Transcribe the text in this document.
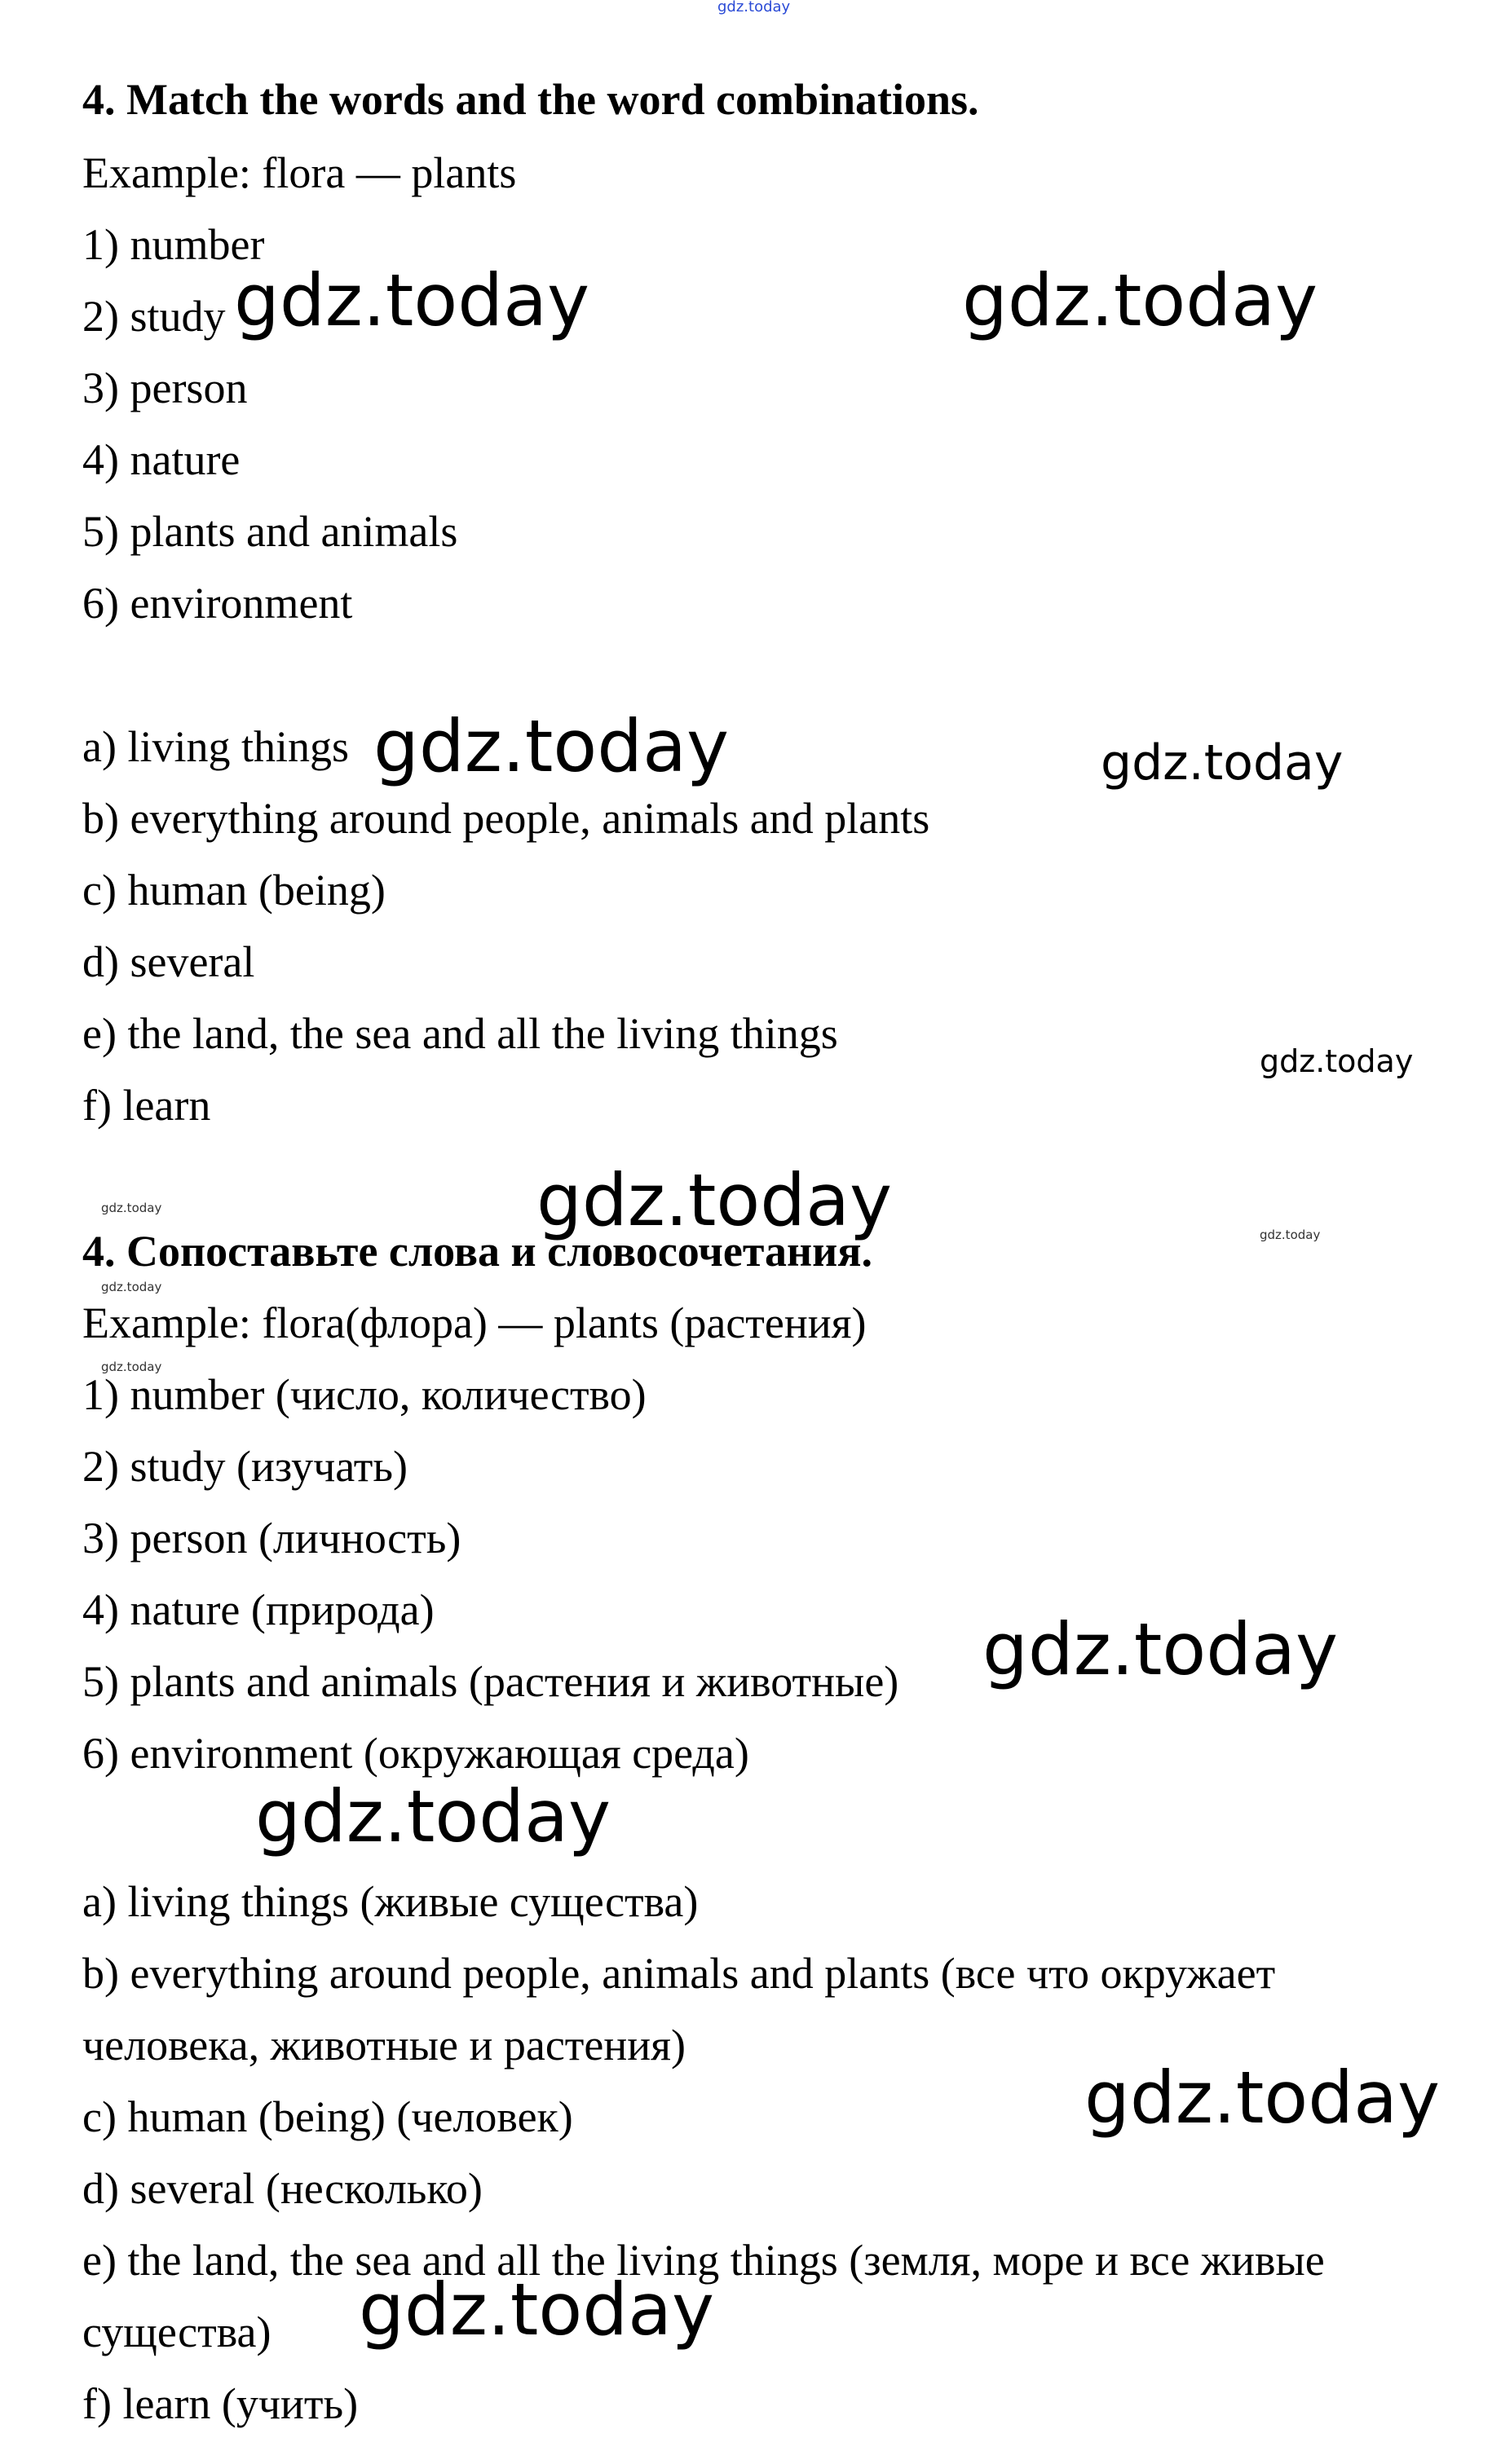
gdz.today
4. Match the words and the word combinations.
Example: flora — plants
1) number
2) study
3) person
4) nature
5) plants and animals
6) environment
a) living things
b) everything around people, animals and plants
c) human (being)
d) several
e) the land, the sea and all the living things
f) learn
4. Сопоставьте слова и словосочетания.
Example: flora(флора) — plants (растения)
1) number (число, количество)
2) study (изучать)
3) person (личность)
4) nature (природа)
5) plants and animals (растения и животные)
6) environment (окружающая среда)
a) living things (живые существа)
b) everything around people, animals and plants (все что окружает
человека, животные и растения)
c) human (being) (человек)
d) several (несколько)
e) the land, the sea and all the living things (земля, море и все живые
существа)
f) learn (учить)
gdz.today	gdz.today
gdz.today	gdz.today
gdz.today
gdz.today	gdz.today	gdz.today
gdz.today
gdz.today
gdz.today
gdz.today
gdz.today
gdz.today
